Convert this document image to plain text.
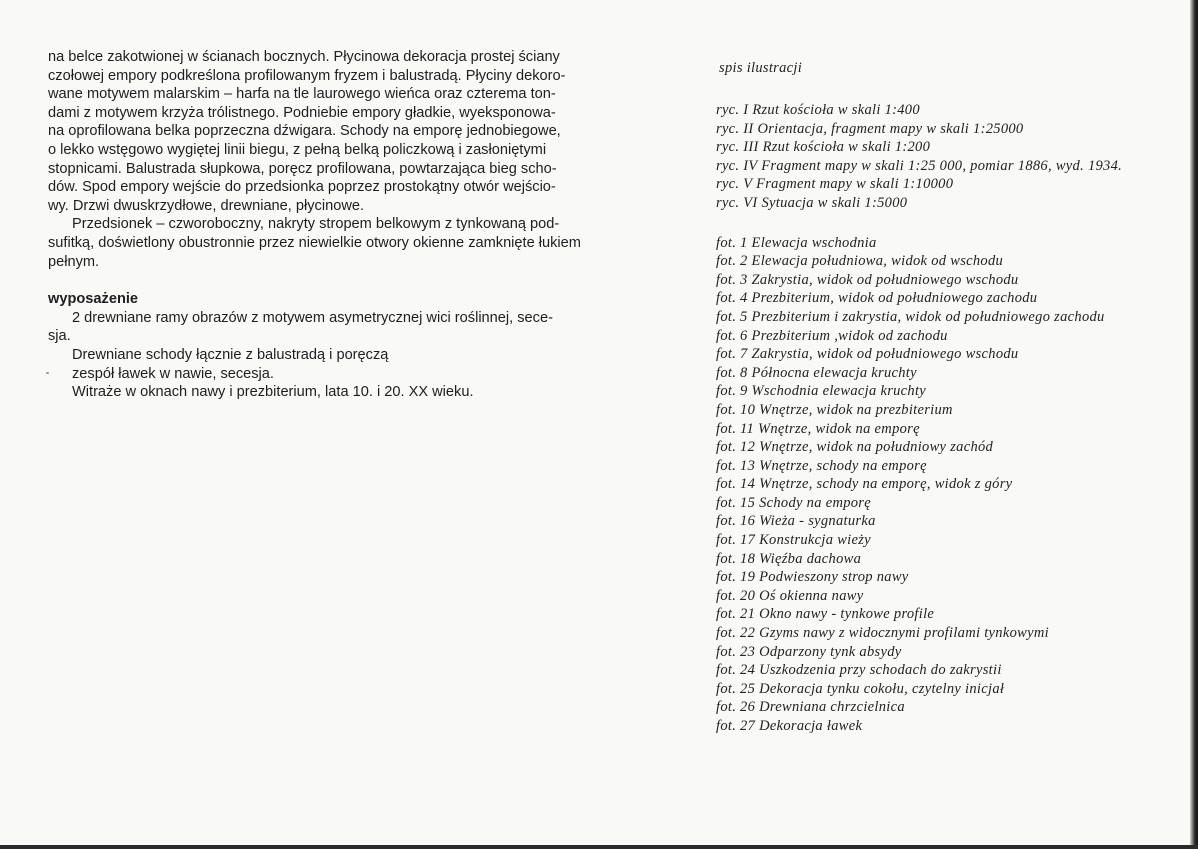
na belce zakotwionej w ścianach bocznych. Płycinowa dekoracja prostej ściany
czołowej empory podkreślona profilowanym fryzem i balustradą. Płyciny dekoro-
wane motywem malarskim – harfa na tle laurowego wieńca oraz czterema ton-
dami z motywem krzyża trólistnego. Podniebie empory gładkie, wyeksponowa-
na oprofilowana belka poprzeczna dźwigara. Schody na emporę jednobiegowe,
o lekko wstęgowo wygiętej linii biegu, z pełną belką policzkową i zasłoniętymi
stopnicami. Balustrada słupkowa, poręcz profilowana, powtarzająca bieg scho-
dów. Spod empory wejście do przedsionka poprzez prostokątny otwór wejścio-
wy. Drzwi dwuskrzydłowe, drewniane, płycinowe.
Przedsionek – czworoboczny, nakryty stropem belkowym z tynkowaną pod-
sufitką, doświetlony obustronnie przez niewielkie otwory okienne zamknięte łukiem
pełnym.
wyposażenie
2 drewniane ramy obrazów z motywem asymetrycznej wici roślinnej, sece-
sja.
Drewniane schody łącznie z balustradą i poręczą
zespół ławek w nawie, secesja.
Witraże w oknach nawy i prezbiterium, lata 10. i 20. XX wieku.
spis ilustracji
ryc. I Rzut kościoła w skali 1:400
ryc. II Orientacja, fragment mapy w skali 1:25000
ryc. III Rzut kościoła w skali 1:200
ryc. IV Fragment mapy w skali 1:25 000, pomiar 1886, wyd. 1934.
ryc. V Fragment mapy w skali 1:10000
ryc. VI Sytuacja w skali 1:5000
fot. 1 Elewacja wschodnia
fot. 2 Elewacja południowa, widok od wschodu
fot. 3 Zakrystia, widok od południowego wschodu
fot. 4 Prezbiterium, widok od południowego zachodu
fot. 5 Prezbiterium i zakrystia, widok od południowego zachodu
fot. 6 Prezbiterium ,widok od zachodu
fot. 7 Zakrystia, widok od południowego wschodu
fot. 8 Północna elewacja kruchty
fot. 9 Wschodnia elewacja kruchty
fot. 10 Wnętrze, widok na prezbiterium
fot. 11 Wnętrze, widok na emporę
fot. 12 Wnętrze, widok na południowy zachód
fot. 13 Wnętrze, schody na emporę
fot. 14 Wnętrze, schody na emporę, widok z góry
fot. 15 Schody na emporę
fot. 16 Wieża - sygnaturka
fot. 17 Konstrukcja wieży
fot. 18 Więźba dachowa
fot. 19 Podwieszony strop nawy
fot. 20 Oś okienna nawy
fot. 21 Okno nawy - tynkowe profile
fot. 22 Gzyms nawy z widocznymi profilami tynkowymi
fot. 23 Odparzony tynk absydy
fot. 24 Uszkodzenia przy schodach do zakrystii
fot. 25 Dekoracja tynku cokołu, czytelny inicjał
fot. 26 Drewniana chrzcielnica
fot. 27 Dekoracja ławek
